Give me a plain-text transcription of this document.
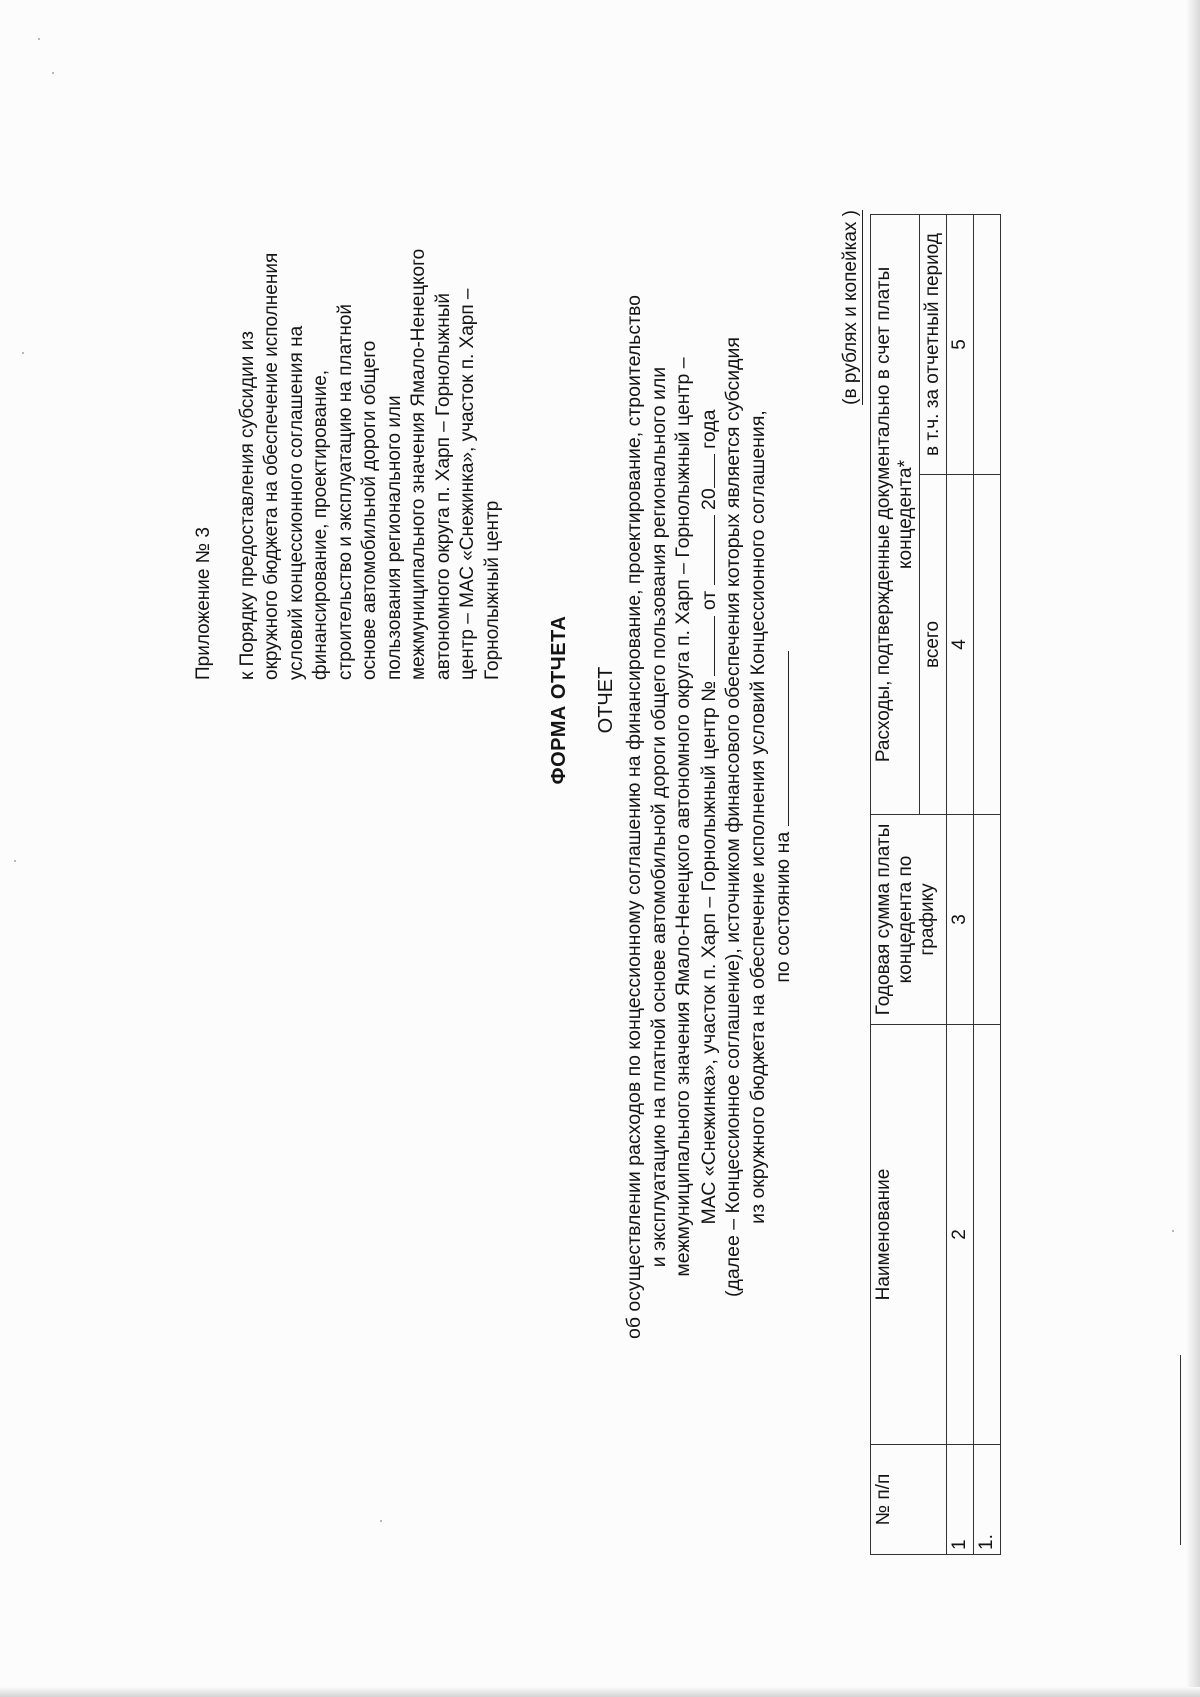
Приложение № 3 к Порядку предоставления субсидии из окружного бюджета на обеспечение исполнения условий концессионного соглашения на финансирование, проектирование, строительство и эксплуатацию на платной основе автомобильной дороги общего пользования регионального или межмуниципального значения Ямало-Ненецкого автономного округа п. Харп – Горнолыжный центр – МАС «Снежинка», участок п. Харп – Горнолыжный центр

ФОРМА ОТЧЕТА ОТЧЕТ об осуществлении расходов по концессионному соглашению на финансирование, проектирование, строительство и эксплуатацию на платной основе автомобильной дороги общего пользования регионального или межмуниципального значения Ямало-Ненецкого автономного округа п. Харп – Горнолыжный центр – МАС «Снежинка», участок п. Харп – Горнолыжный центр №  от  20 года (далее – Концессионное соглашение), источником финансового обеспечения которых является субсидия из окружного бюджета на обеспечение исполнения условий Концессионного соглашения, по состоянию на

(в рублях и копейках )
№ п/п	Наименование	Годовая сумма платы концедента по графику	Расходы, подтвержденные документально в счет платы концедента*	
			всего	в т.ч. за отчетный период
1	2	3	4	5
1.				
